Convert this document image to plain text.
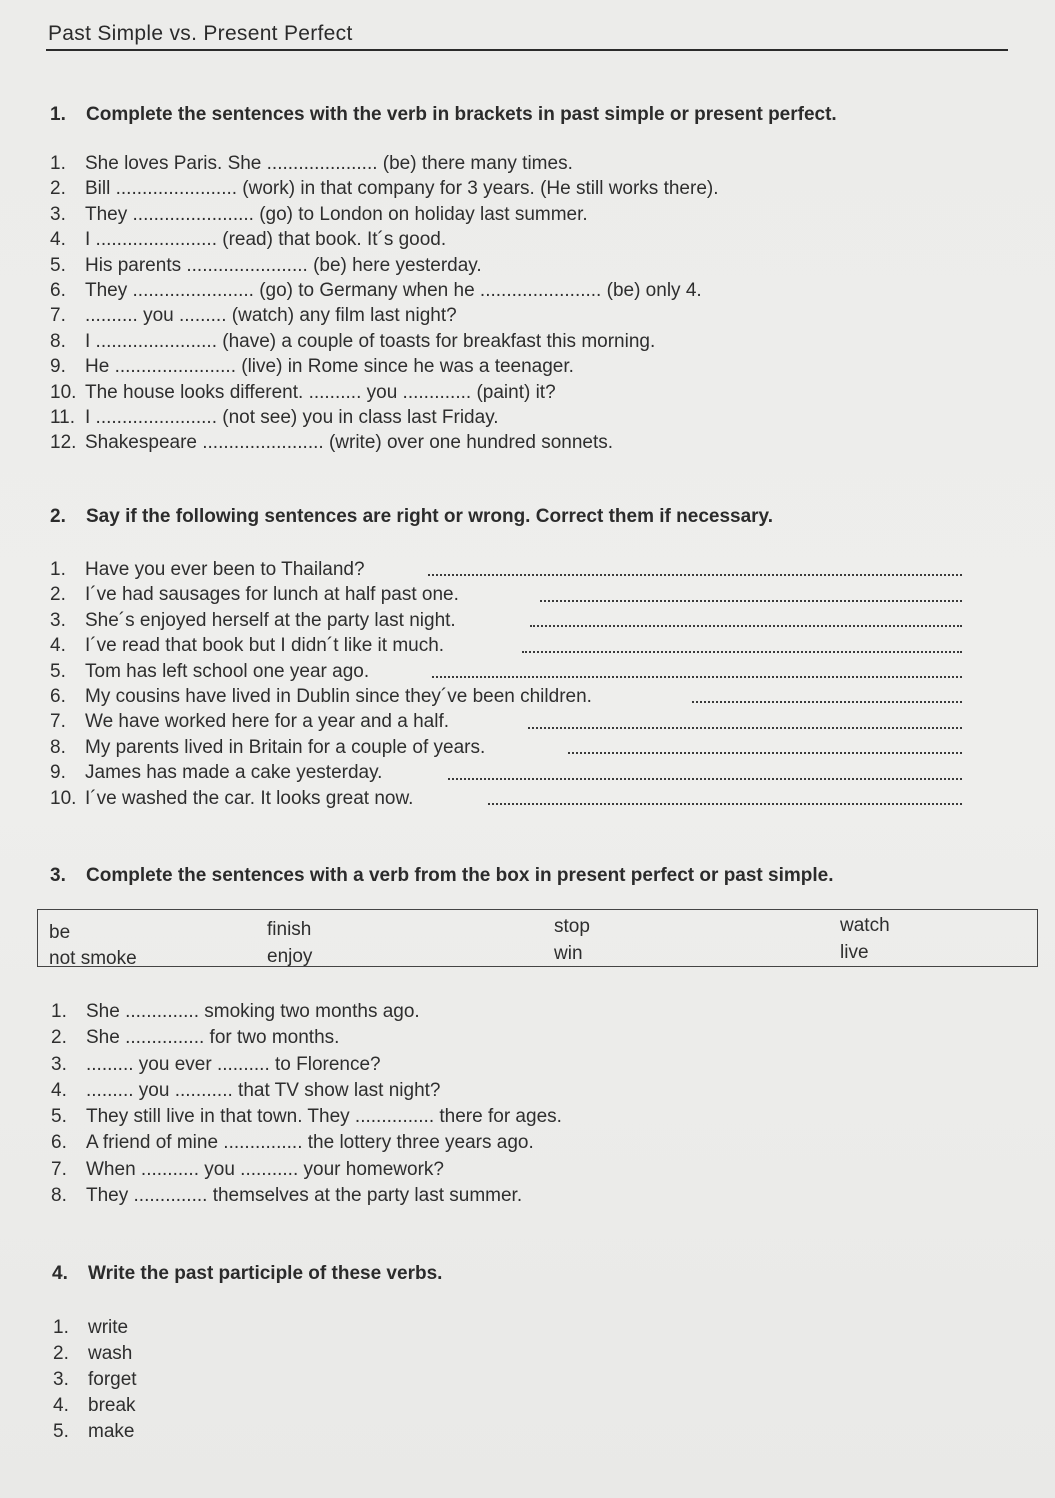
Past Simple vs. Present Perfect
1. Complete the sentences with the verb in brackets in past simple or present perfect.
1. She loves Paris. She ..................... (be) there many times.
2. Bill ....................... (work) in that company for 3 years. (He still works there).
3. They ....................... (go) to London on holiday last summer.
4. I ....................... (read) that book. It´s good.
5. His parents ....................... (be) here yesterday.
6. They ....................... (go) to Germany when he ....................... (be) only 4.
7. .......... you ......... (watch) any film last night?
8. I ....................... (have) a couple of toasts for breakfast this morning.
9. He ....................... (live) in Rome since he was a teenager.
10. The house looks different. .......... you ............. (paint) it?
11. I ....................... (not see) you in class last Friday.
12. Shakespeare ....................... (write) over one hundred sonnets.
2. Say if the following sentences are right or wrong. Correct them if necessary.
1. Have you ever been to Thailand?
2. I´ve had sausages for lunch at half past one.
3. She´s enjoyed herself at the party last night.
4. I´ve read that book but I didn´t like it much.
5. Tom has left school one year ago.
6. My cousins have lived in Dublin since they´ve been children.
7. We have worked here for a year and a half.
8. My parents lived in Britain for a couple of years.
9. James has made a cake yesterday.
10. I´ve washed the car. It looks great now.
3. Complete the sentences with a verb from the box in present perfect or past simple.
be	finish	stop	watch
not smoke	enjoy	win	live
1. She .............. smoking two months ago.
2. She ............... for two months.
3. ......... you ever .......... to Florence?
4. ......... you ........... that TV show last night?
5. They still live in that town. They ............... there for ages.
6. A friend of mine ............... the lottery three years ago.
7. When ........... you ........... your homework?
8. They .............. themselves at the party last summer.
4. Write the past participle of these verbs.
1. write
2. wash
3. forget
4. break
5. make
